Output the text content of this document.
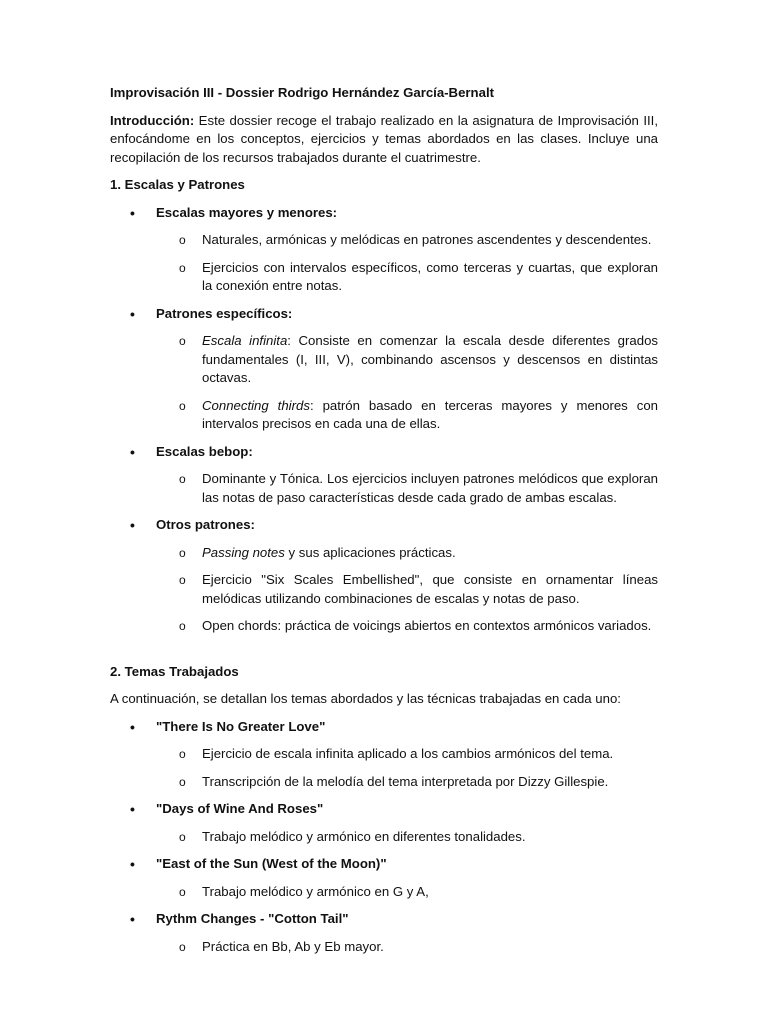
Improvisación III - Dossier Rodrigo Hernández García-Bernalt

Introducción: Este dossier recoge el trabajo realizado en la asignatura de Improvisación III, enfocándome en los conceptos, ejercicios y temas abordados en las clases. Incluye una recopilación de los recursos trabajados durante el cuatrimestre.

1. Escalas y Patrones

• Escalas mayores y menores:
o Naturales, armónicas y melódicas en patrones ascendentes y descendentes.
o Ejercicios con intervalos específicos, como terceras y cuartas, que exploran la conexión entre notas.
• Patrones específicos:
o Escala infinita: Consiste en comenzar la escala desde diferentes grados fundamentales (I, III, V), combinando ascensos y descensos en distintas octavas.
o Connecting thirds: patrón basado en terceras mayores y menores con intervalos precisos en cada una de ellas.
• Escalas bebop:
o Dominante y Tónica. Los ejercicios incluyen patrones melódicos que exploran las notas de paso características desde cada grado de ambas escalas.
• Otros patrones:
o Passing notes y sus aplicaciones prácticas.
o Ejercicio "Six Scales Embellished", que consiste en ornamentar líneas melódicas utilizando combinaciones de escalas y notas de paso.
o Open chords: práctica de voicings abiertos en contextos armónicos variados.

2. Temas Trabajados

A continuación, se detallan los temas abordados y las técnicas trabajadas en cada uno:

• "There Is No Greater Love"
o Ejercicio de escala infinita aplicado a los cambios armónicos del tema.
o Transcripción de la melodía del tema interpretada por Dizzy Gillespie.
• "Days of Wine And Roses"
o Trabajo melódico y armónico en diferentes tonalidades.
• "East of the Sun (West of the Moon)"
o Trabajo melódico y armónico en G y A,
• Rythm Changes - "Cotton Tail"
o Práctica en Bb, Ab y Eb mayor.
